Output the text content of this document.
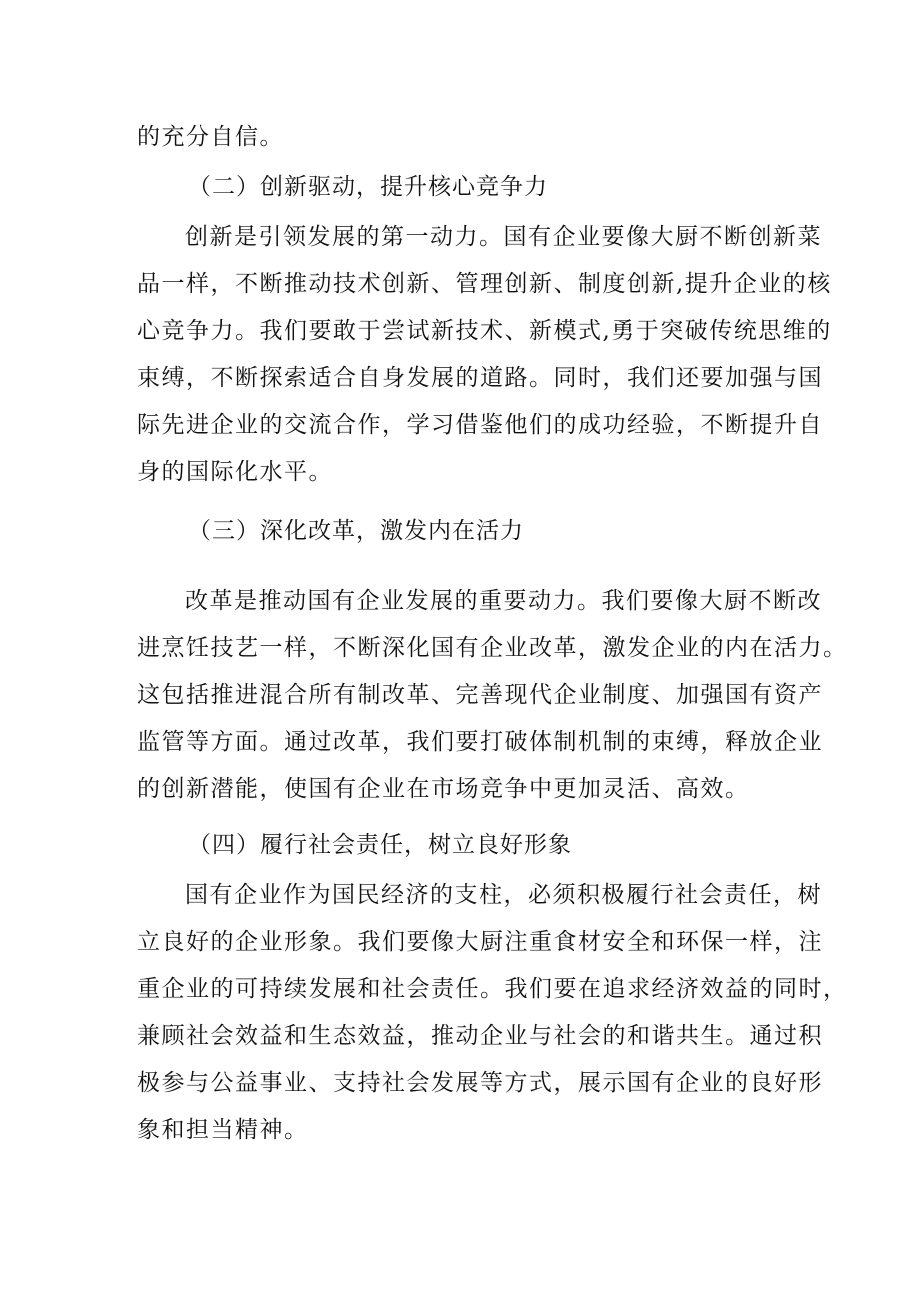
的充分自信。
（二）创新驱动，提升核心竞争力
创新是引领发展的第一动力。国有企业要像大厨不断创新菜
品一样，不断推动技术创新、管理创新、制度创新,提升企业的核
心竞争力。我们要敢于尝试新技术、新模式,勇于突破传统思维的
束缚，不断探索适合自身发展的道路。同时，我们还要加强与国
际先进企业的交流合作，学习借鉴他们的成功经验，不断提升自
身的国际化水平。
（三）深化改革，激发内在活力
改革是推动国有企业发展的重要动力。我们要像大厨不断改
进烹饪技艺一样，不断深化国有企业改革，激发企业的内在活力。
这包括推进混合所有制改革、完善现代企业制度、加强国有资产
监管等方面。通过改革，我们要打破体制机制的束缚，释放企业
的创新潜能，使国有企业在市场竞争中更加灵活、高效。
（四）履行社会责任，树立良好形象
国有企业作为国民经济的支柱，必须积极履行社会责任，树
立良好的企业形象。我们要像大厨注重食材安全和环保一样，注
重企业的可持续发展和社会责任。我们要在追求经济效益的同时，
兼顾社会效益和生态效益，推动企业与社会的和谐共生。通过积
极参与公益事业、支持社会发展等方式，展示国有企业的良好形
象和担当精神。
